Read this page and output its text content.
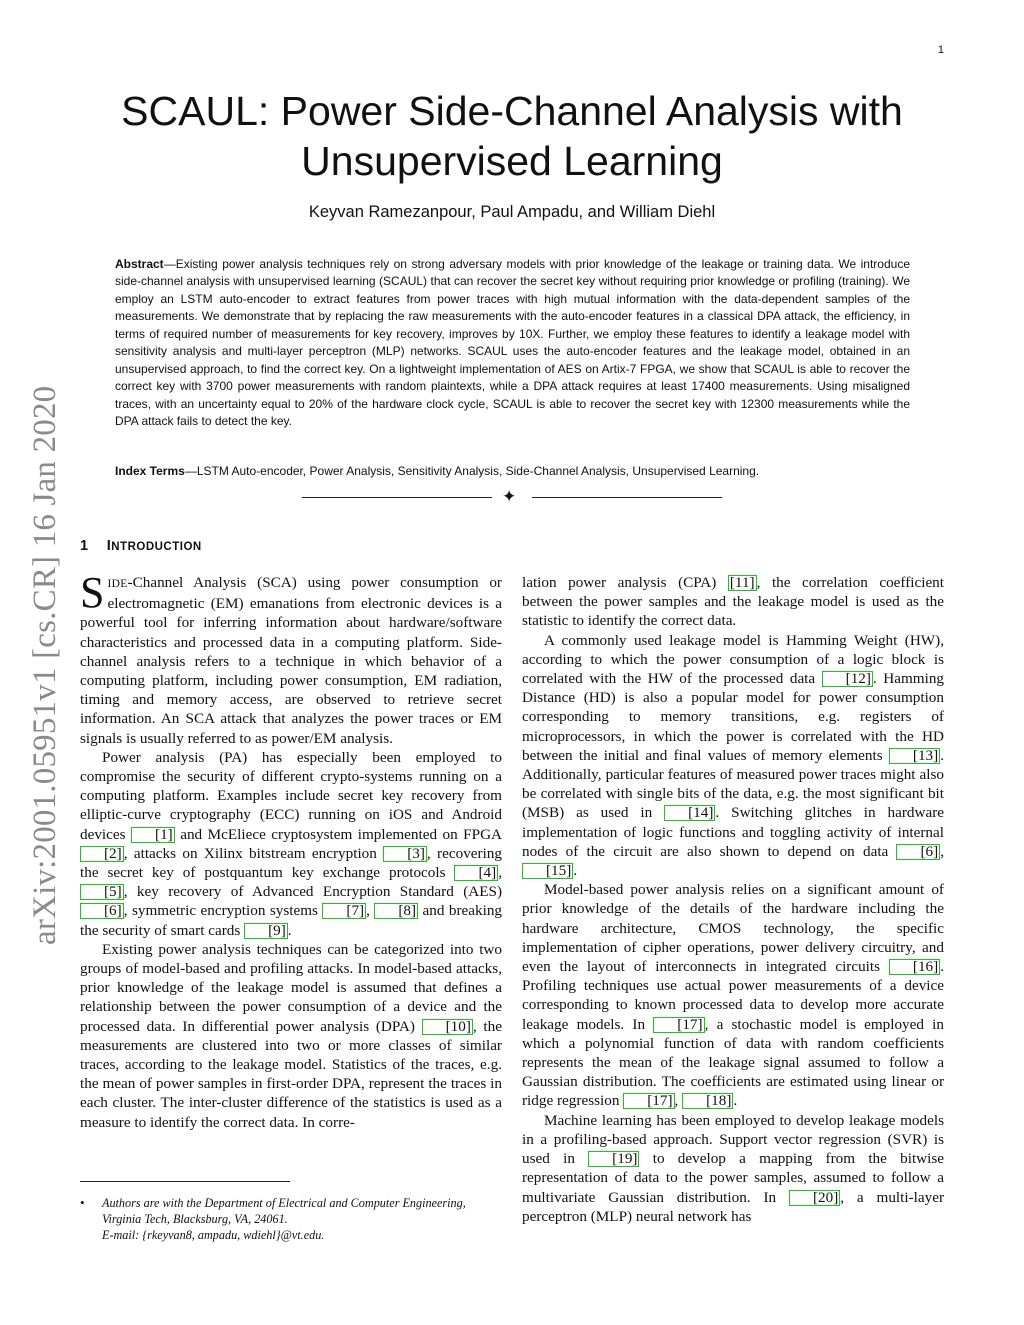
1
SCAUL: Power Side-Channel Analysis with
Unsupervised Learning
Keyvan Ramezanpour, Paul Ampadu, and William Diehl

Abstract—Existing power analysis techniques rely on strong adversary models with prior knowledge of the leakage or training data. We introduce side-channel analysis with unsupervised learning (SCAUL) that can recover the secret key without requiring prior knowledge or profiling (training). We employ an LSTM auto-encoder to extract features from power traces with high mutual information with the data-dependent samples of the measurements. We demonstrate that by replacing the raw measurements with the auto-encoder features in a classical DPA attack, the efficiency, in terms of required number of measurements for key recovery, improves by 10X. Further, we employ these features to identify a leakage model with sensitivity analysis and multi-layer perceptron (MLP) networks. SCAUL uses the auto-encoder features and the leakage model, obtained in an unsupervised approach, to find the correct key. On a lightweight implementation of AES on Artix-7 FPGA, we show that SCAUL is able to recover the correct key with 3700 power measurements with random plaintexts, while a DPA attack requires at least 17400 measurements. Using misaligned traces, with an uncertainty equal to 20% of the hardware clock cycle, SCAUL is able to recover the secret key with 12300 measurements while the DPA attack fails to detect the key.

Index Terms—LSTM Auto-encoder, Power Analysis, Sensitivity Analysis, Side-Channel Analysis, Unsupervised Learning.

✦
1 INTRODUCTION

SIDE-Channel Analysis (SCA) using power consumption or electromagnetic (EM) emanations from electronic devices is a powerful tool for inferring information about hardware/software characteristics and processed data in a computing platform. Side-channel analysis refers to a technique in which behavior of a computing platform, including power consumption, EM radiation, timing and memory access, are observed to retrieve secret information. An SCA attack that analyzes the power traces or EM signals is usually referred to as power/EM analysis.

Power analysis (PA) has especially been employed to compromise the security of different crypto-systems running on a computing platform. Examples include secret key recovery from elliptic-curve cryptography (ECC) running on iOS and Android devices [1] and McEliece cryptosystem implemented on FPGA [2] , attacks on Xilinx bitstream encryption [3] , recovering the secret key of postquantum key exchange protocols [4] , [5] , key recovery of Advanced Encryption Standard (AES) [6] , symmetric encryption systems [7] , [8] and breaking the security of smart cards [9] .

Existing power analysis techniques can be categorized into two groups of model-based and profiling attacks. In model-based attacks, prior knowledge of the leakage model is assumed that defines a relationship between the power consumption of a device and the processed data. In differential power analysis (DPA) [10] , the measurements are clustered into two or more classes of similar traces, according to the leakage model. Statistics of the traces, e.g. the mean of power samples in first-order DPA, represent the traces in each cluster. The inter-cluster difference of the statistics is used as a measure to identify the correct data. In corre-

lation power analysis (CPA) [11] , the correlation coefficient between the power samples and the leakage model is used as the statistic to identify the correct data.

A commonly used leakage model is Hamming Weight (HW), according to which the power consumption of a logic block is correlated with the HW of the processed data [12] . Hamming Distance (HD) is also a popular model for power consumption corresponding to memory transitions, e.g. registers of microprocessors, in which the power is correlated with the HD between the initial and final values of memory elements [13] . Additionally, particular features of measured power traces might also be correlated with single bits of the data, e.g. the most significant bit (MSB) as used in [14] . Switching glitches in hardware implementation of logic functions and toggling activity of internal nodes of the circuit are also shown to depend on data [6] , [15] .

Model-based power analysis relies on a significant amount of prior knowledge of the details of the hardware including the hardware architecture, CMOS technology, the specific implementation of cipher operations, power delivery circuitry, and even the layout of interconnects in integrated circuits [16] . Profiling techniques use actual power measurements of a device corresponding to known processed data to develop more accurate leakage models. In [17] , a stochastic model is employed in which a polynomial function of data with random coefficients represents the mean of the leakage signal assumed to follow a Gaussian distribution. The coefficients are estimated using linear or ridge regression [17] , [18] .

Machine learning has been employed to develop leakage models in a profiling-based approach. Support vector regression (SVR) is used in [19] to develop a mapping from the bitwise representation of data to the power samples, assumed to follow a multivariate Gaussian distribution. In [20] , a multi-layer perceptron (MLP) neural network has

• Authors are with the Department of Electrical and Computer Engineering, Virginia Tech, Blacksburg, VA, 24061.
E-mail: {rkeyvan8, ampadu, wdiehl}@vt.edu.
arXiv:2001.05951v1 [cs.CR] 16 Jan 2020
